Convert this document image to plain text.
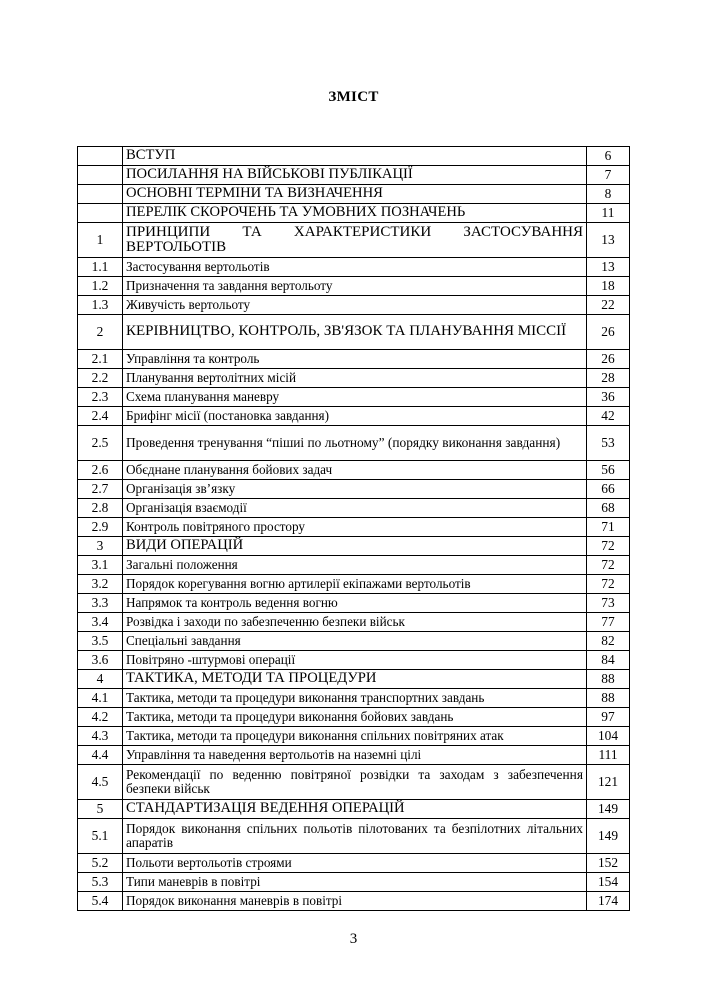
ЗМІСТ
	ВСТУП	6
	ПОСИЛАННЯ НА ВІЙСЬКОВІ ПУБЛІКАЦІЇ	7
	ОСНОВНІ ТЕРМІНИ ТА ВИЗНАЧЕННЯ	8
	ПЕРЕЛІК СКОРОЧЕНЬ ТА УМОВНИХ ПОЗНАЧЕНЬ	11
1	ПРИНЦИПИ ТА ХАРАКТЕРИСТИКИ ЗАСТОСУВАННЯ ВЕРТОЛЬОТІВ	13
1.1	Застосування вертольотів	13
1.2	Призначення та завдання вертольоту	18
1.3	Живучість вертольоту	22
2	КЕРІВНИЦТВО, КОНТРОЛЬ, ЗВ'ЯЗОК ТА ПЛАНУВАННЯ МІССІЇ	26
2.1	Управління та контроль	26
2.2	Планування вертолітних місій	28
2.3	Схема планування маневру	36
2.4	Брифінг місії (постановка завдання)	42
2.5	Проведення тренування “пішиі по льотному” (порядку виконання завдання)	53
2.6	Обєднане планування бойових задач	56
2.7	Організація зв’язку	66
2.8	Організація взаємодії	68
2.9	Контроль повітряного простору	71
3	ВИДИ ОПЕРАЦІЙ	72
3.1	Загальні положення	72
3.2	Порядок корегування вогню артилерії екіпажами вертольотів	72
3.3	Напрямок та контроль ведення вогню	73
3.4	Розвідка і заходи по забезпеченню безпеки військ	77
3.5	Спеціальні завдання	82
3.6	Повітряно -штурмові операції	84
4	ТАКТИКА, МЕТОДИ ТА ПРОЦЕДУРИ	88
4.1	Тактика, методи та процедури виконання транспортних завдань	88
4.2	Тактика, методи та процедури виконання бойових завдань	97
4.3	Тактика, методи та процедури виконання спільних повітряних атак	104
4.4	Управління та наведення вертольотів на наземні цілі	111
4.5	Рекомендації по веденню повітряної розвідки та заходам з забезпечення безпеки військ	121
5	СТАНДАРТИЗАЦІЯ ВЕДЕННЯ ОПЕРАЦІЙ	149
5.1	Порядок виконання спільних польотів пілотованих та безпілотних літальних апаратів	149
5.2	Польоти вертольотів строями	152
5.3	Типи маневрів в повітрі	154
5.4	Порядок виконання маневрів в повітрі	174
3
